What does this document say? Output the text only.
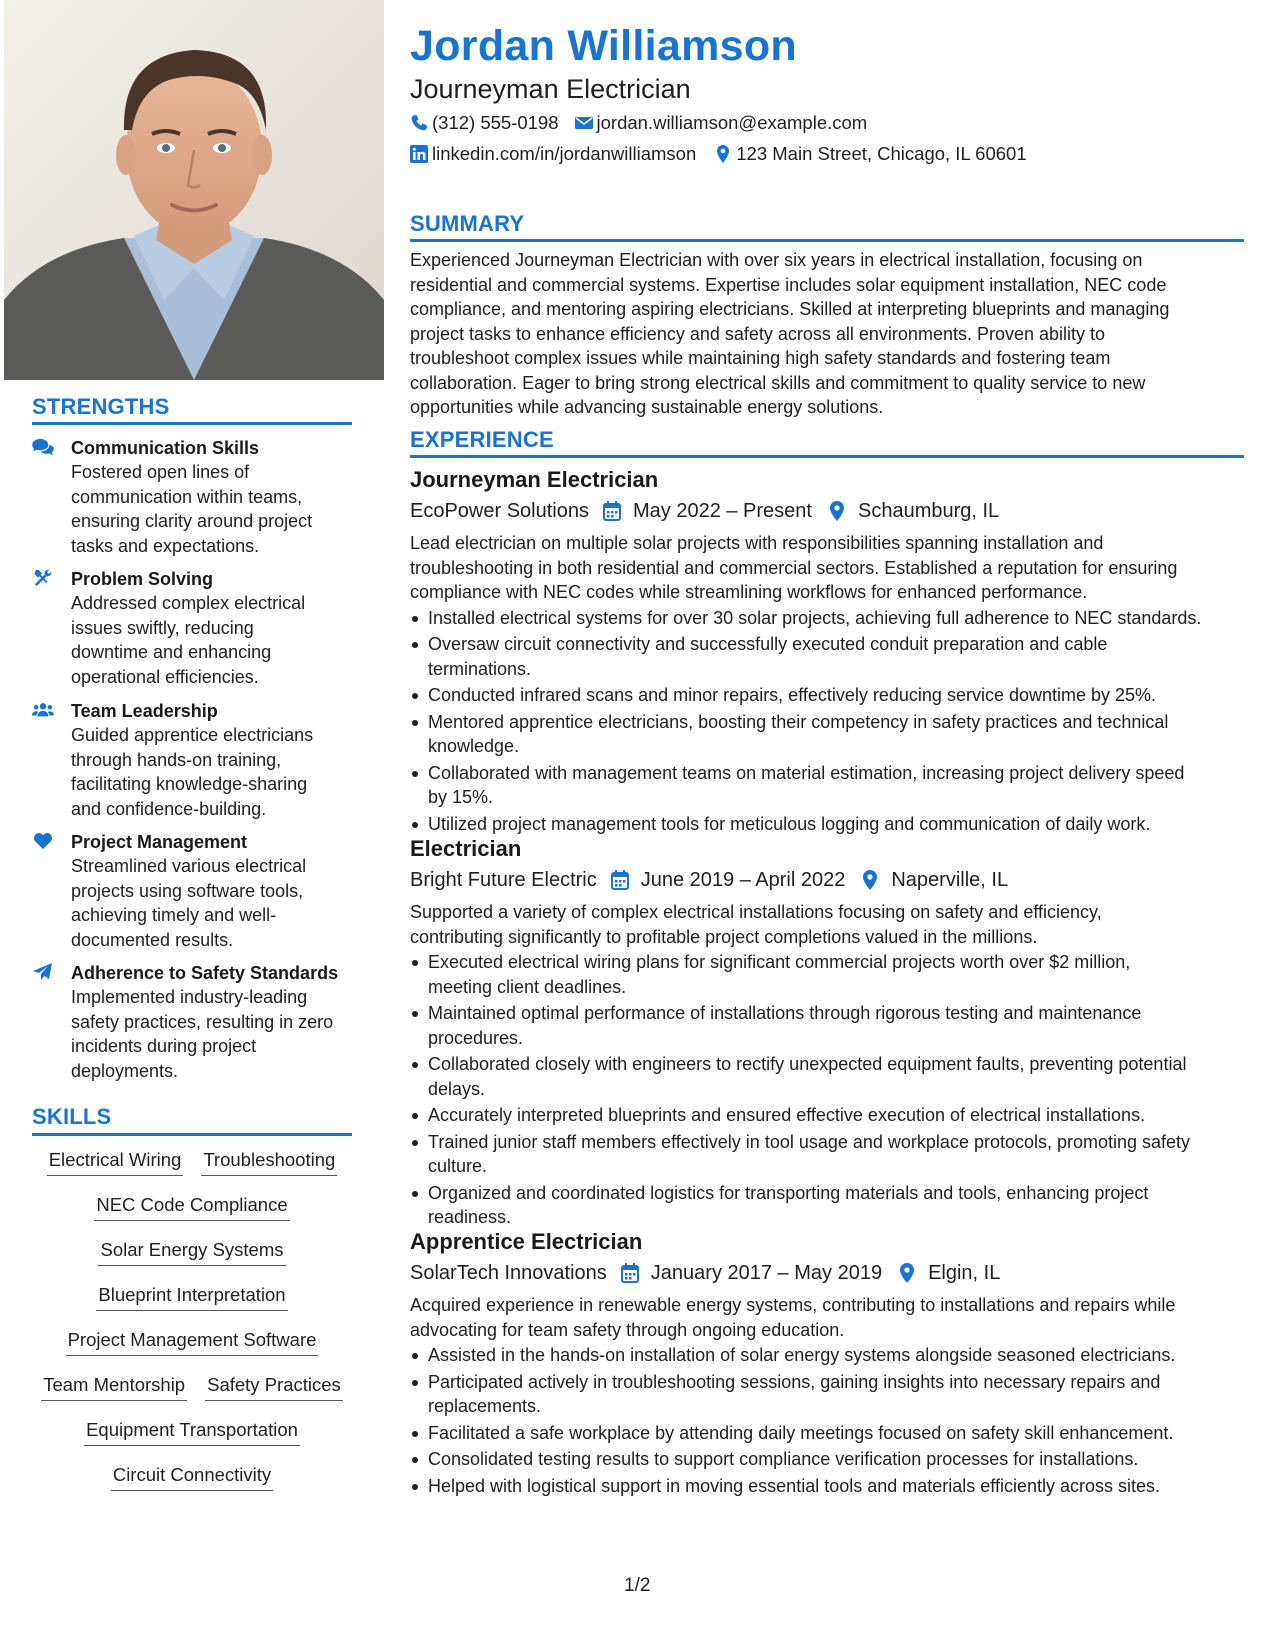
STRENGTHS
Communication Skills
Fostered open lines of
communication within teams,
ensuring clarity around project
tasks and expectations.
Problem Solving
Addressed complex electrical
issues swiftly, reducing
downtime and enhancing
operational efficiencies.
Team Leadership
Guided apprentice electricians
through hands-on training,
facilitating knowledge-sharing
and confidence-building.
Project Management
Streamlined various electrical
projects using software tools,
achieving timely and well-
documented results.
Adherence to Safety Standards
Implemented industry-leading
safety practices, resulting in zero
incidents during project
deployments.
SKILLS
Electrical Wiring Troubleshooting
NEC Code Compliance
Solar Energy Systems
Blueprint Interpretation
Project Management Software
Team Mentorship Safety Practices
Equipment Transportation
Circuit Connectivity
Jordan Williamson
Journeyman Electrician
(312) 555-0198 jordan.williamson@example.com
linkedin.com/in/jordanwilliamson 123 Main Street, Chicago, IL 60601
SUMMARY
Experienced Journeyman Electrician with over six years in electrical installation, focusing on
residential and commercial systems. Expertise includes solar equipment installation, NEC code
compliance, and mentoring aspiring electricians. Skilled at interpreting blueprints and managing
project tasks to enhance efficiency and safety across all environments. Proven ability to
troubleshoot complex issues while maintaining high safety standards and fostering team
collaboration. Eager to bring strong electrical skills and commitment to quality service to new
opportunities while advancing sustainable energy solutions.
EXPERIENCE
Journeyman Electrician
EcoPower Solutions May 2022 – Present Schaumburg, IL
Lead electrician on multiple solar projects with responsibilities spanning installation and
troubleshooting in both residential and commercial sectors. Established a reputation for ensuring
compliance with NEC codes while streamlining workflows for enhanced performance.
Installed electrical systems for over 30 solar projects, achieving full adherence to NEC standards.
Oversaw circuit connectivity and successfully executed conduit preparation and cable
terminations.
Conducted infrared scans and minor repairs, effectively reducing service downtime by 25%.
Mentored apprentice electricians, boosting their competency in safety practices and technical
knowledge.
Collaborated with management teams on material estimation, increasing project delivery speed
by 15%.
Utilized project management tools for meticulous logging and communication of daily work.
Electrician
Bright Future Electric June 2019 – April 2022 Naperville, IL
Supported a variety of complex electrical installations focusing on safety and efficiency,
contributing significantly to profitable project completions valued in the millions.
Executed electrical wiring plans for significant commercial projects worth over $2 million,
meeting client deadlines.
Maintained optimal performance of installations through rigorous testing and maintenance
procedures.
Collaborated closely with engineers to rectify unexpected equipment faults, preventing potential
delays.
Accurately interpreted blueprints and ensured effective execution of electrical installations.
Trained junior staff members effectively in tool usage and workplace protocols, promoting safety
culture.
Organized and coordinated logistics for transporting materials and tools, enhancing project
readiness.
Apprentice Electrician
SolarTech Innovations January 2017 – May 2019 Elgin, IL
Acquired experience in renewable energy systems, contributing to installations and repairs while
advocating for team safety through ongoing education.
Assisted in the hands-on installation of solar energy systems alongside seasoned electricians.
Participated actively in troubleshooting sessions, gaining insights into necessary repairs and
replacements.
Facilitated a safe workplace by attending daily meetings focused on safety skill enhancement.
Consolidated testing results to support compliance verification processes for installations.
Helped with logistical support in moving essential tools and materials efficiently across sites.
1/2
